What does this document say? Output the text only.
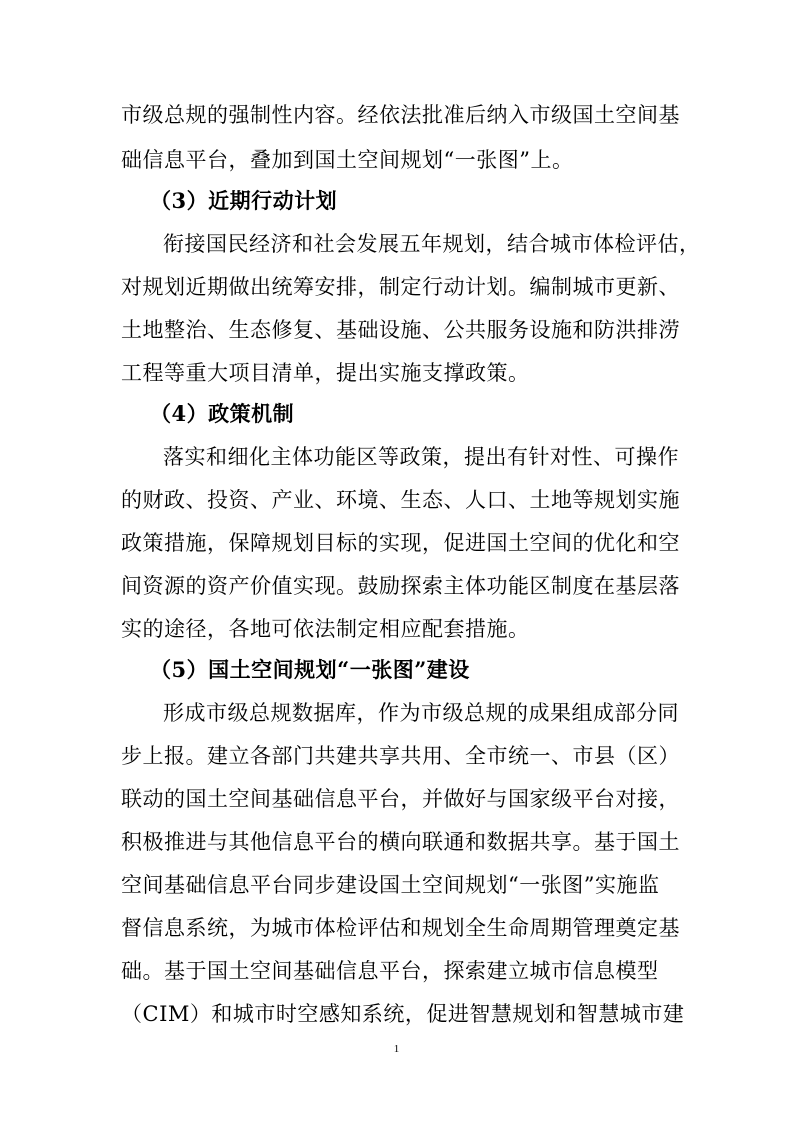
市级总规的强制性内容。经依法批准后纳入市级国土空间基
础信息平台，叠加到国土空间规划“一张图”上。
（3）近期行动计划
衔接国民经济和社会发展五年规划，结合城市体检评估，
对规划近期做出统筹安排，制定行动计划。编制城市更新、
土地整治、生态修复、基础设施、公共服务设施和防洪排涝
工程等重大项目清单，提出实施支撑政策。
（4）政策机制
落实和细化主体功能区等政策，提出有针对性、可操作
的财政、投资、产业、环境、生态、人口、土地等规划实施
政策措施，保障规划目标的实现，促进国土空间的优化和空
间资源的资产价值实现。鼓励探索主体功能区制度在基层落
实的途径，各地可依法制定相应配套措施。
（5）国土空间规划“一张图”建设
形成市级总规数据库，作为市级总规的成果组成部分同
步上报。建立各部门共建共享共用、全市统一、市县（区）
联动的国土空间基础信息平台，并做好与国家级平台对接，
积极推进与其他信息平台的横向联通和数据共享。基于国土
空间基础信息平台同步建设国土空间规划“一张图”实施监
督信息系统，为城市体检评估和规划全生命周期管理奠定基
础。基于国土空间基础信息平台，探索建立城市信息模型
（CIM）和城市时空感知系统，促进智慧规划和智慧城市建
1
